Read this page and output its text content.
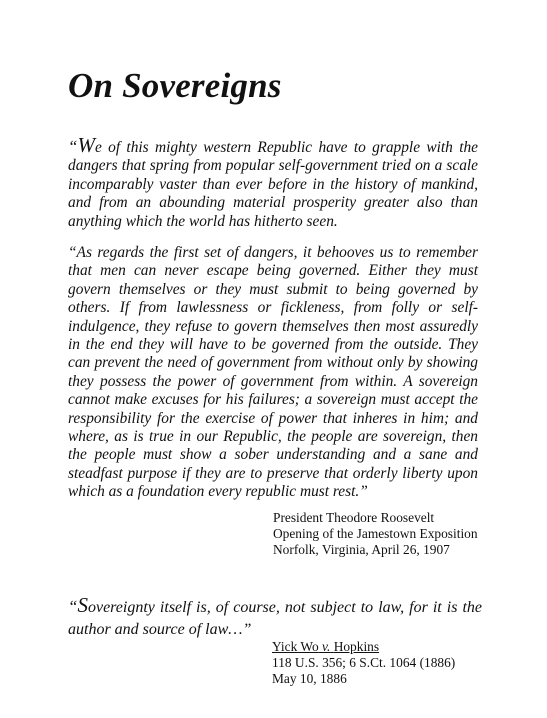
On Sovereigns

“We of this mighty western Republic have to grapple with the dangers that spring from popular self-government tried on a scale incomparably vaster than ever before in the history of mankind, and from an abounding material prosperity greater also than anything which the world has hitherto seen.

“As regards the first set of dangers, it behooves us to remember that men can never escape being governed. Either they must govern themselves or they must submit to being governed by others. If from lawlessness or fickleness, from folly or self-indulgence, they refuse to govern themselves then most assuredly in the end they will have to be governed from the outside. They can prevent the need of government from without only by showing they possess the power of government from within. A sovereign cannot make excuses for his failures; a sovereign must accept the responsibility for the exercise of power that inheres in him; and where, as is true in our Republic, the people are sovereign, then the people must show a sober understanding and a sane and steadfast purpose if they are to preserve that orderly liberty upon which as a foundation every republic must rest.”

President Theodore Roosevelt
Opening of the Jamestown Exposition
Norfolk, Virginia, April 26, 1907

“Sovereignty itself is, of course, not subject to law, for it is the author and source of law…”

Yick Wo v. Hopkins
118 U.S. 356; 6 S.Ct. 1064 (1886)
May 10, 1886
